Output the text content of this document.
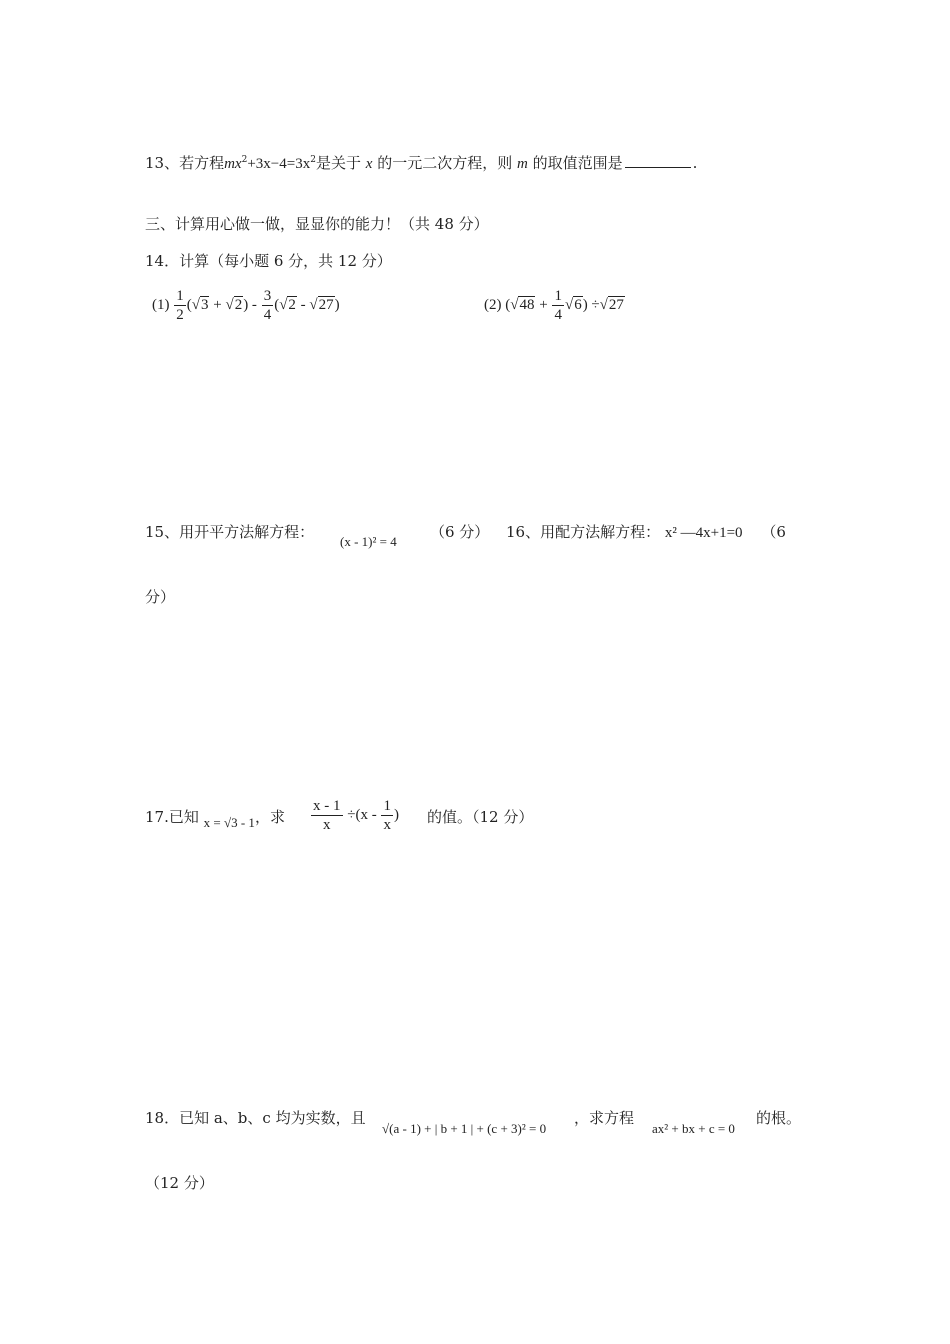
13、若方程$mx^2+3x-4=3x^2$是关于 x 的一元二次方程，则 m 的取值范围是	.
三、计算用心做一做，显显你的能力！（共 48 分）
14．计算（每小题 6 分，共 12 分）
$(1) \frac{1}{2} (√3 + √2) - \frac{3}{4} (√2 - √27)$	(2) $(√48 + \frac{1}{4} √6) \div√27$
15、用开平方法解方程：
(x - 1)² = 4
（6 分） 16、用配方法解方程： x² —4x+1=0 （6
分）
17.已知 x = √3 - 1，求 $\frac{x - 1}{x} \div(x - \frac{1}{x}$ ) 的值。（12 分）
18．已知 a、b、c 均为实数，且
√(a - 1) + | b + 1 | + (c + 3)² = 0
，求方程
ax² + bx + c = 0
的根。
（12 分）
